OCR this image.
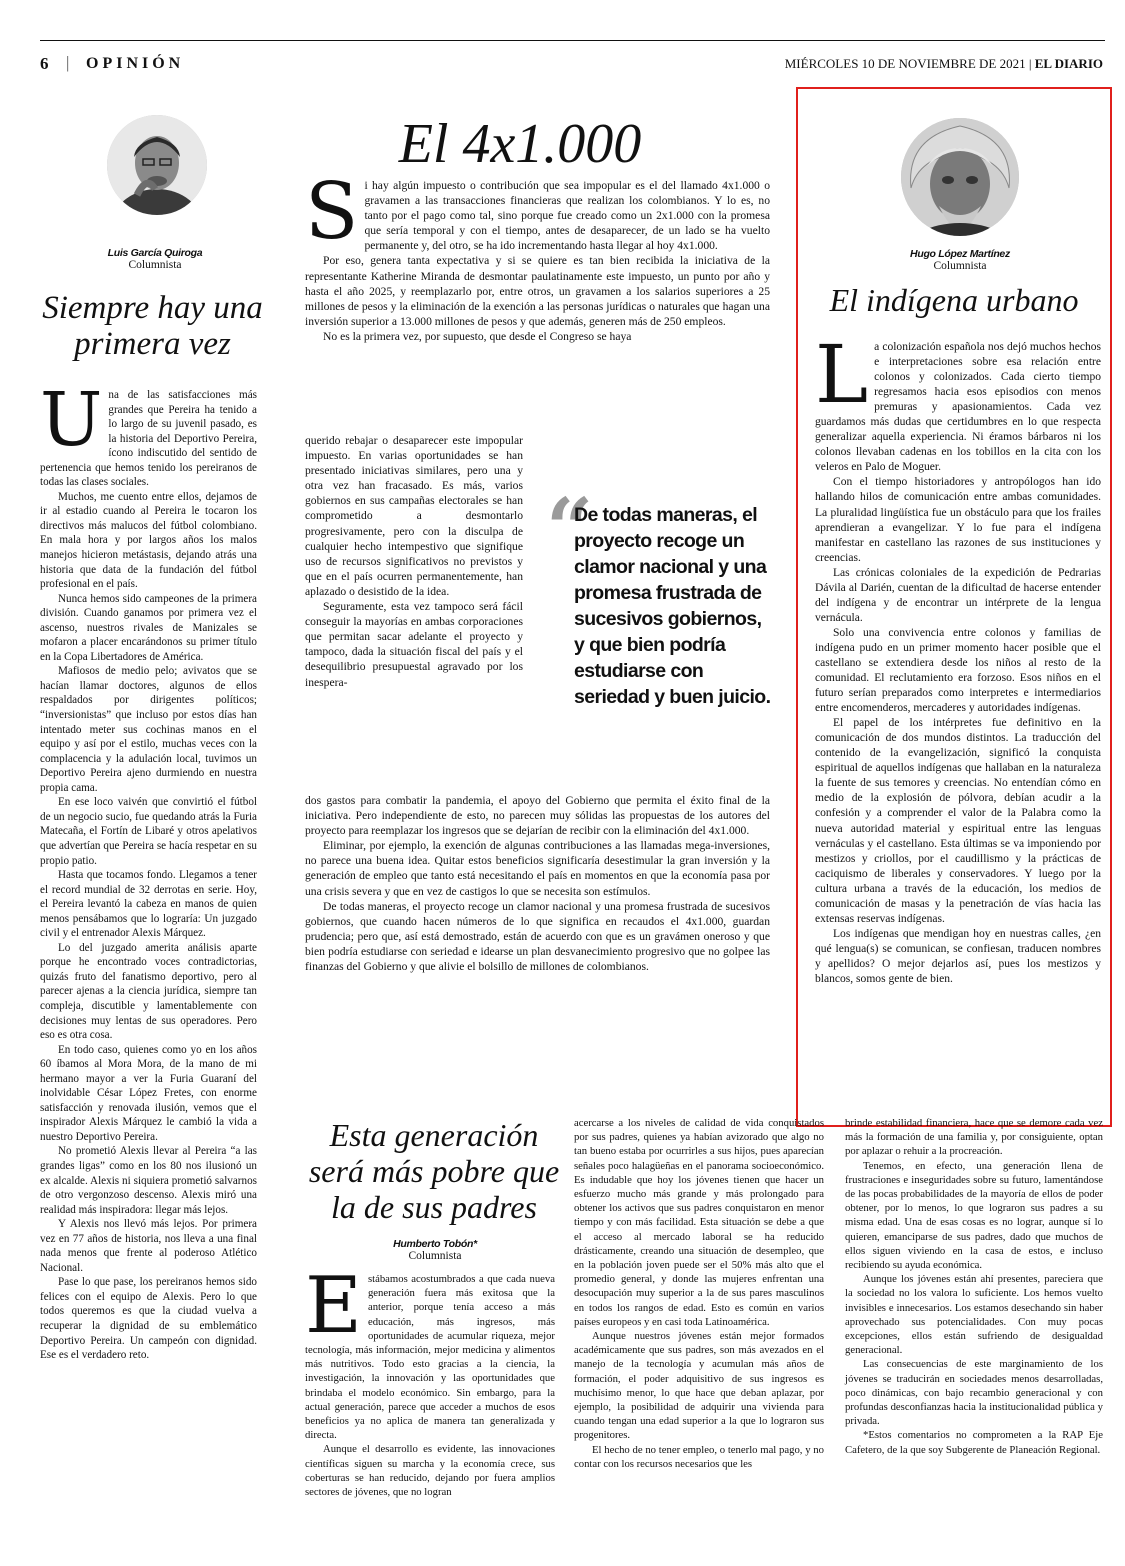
6 | OPINIÓN	MIÉRCOLES 10 DE NOVIEMBRE DE 2021 | EL DIARIO
Luis García Quiroga
Columnista
Siempre hay una primera vez

Una de las satisfacciones más grandes que Pereira ha tenido a lo largo de su juvenil pasado, es la historia del Deportivo Pereira, ícono indiscutido del sentido de pertenencia que hemos tenido los pereiranos de todas las clases sociales.

Muchos, me cuento entre ellos, dejamos de ir al estadio cuando al Pereira le tocaron los directivos más malucos del fútbol colombiano. En mala hora y por largos años los malos manejos hicieron metástasis, dejando atrás una historia que data de la fundación del fútbol profesional en el país.

Nunca hemos sido campeones de la primera división. Cuando ganamos por primera vez el ascenso, nuestros rivales de Manizales se mofaron a placer encarándonos su primer título en la Copa Libertadores de América.

Mafiosos de medio pelo; avivatos que se hacían llamar doctores, algunos de ellos respaldados por dirigentes políticos; “inversionistas” que incluso por estos días han intentado meter sus cochinas manos en el equipo y así por el estilo, muchas veces con la complacencia y la adulación local, tuvimos un Deportivo Pereira ajeno durmiendo en nuestra propia cama.

En ese loco vaivén que convirtió el fútbol de un negocio sucio, fue quedando atrás la Furia Matecaña, el Fortín de Libaré y otros apelativos que advertían que Pereira se hacía respetar en su propio patio.

Hasta que tocamos fondo. Llegamos a tener el record mundial de 32 derrotas en serie. Hoy, el Pereira levantó la cabeza en manos de quien menos pensábamos que lo lograría: Un juzgado civil y el entrenador Alexis Márquez.

Lo del juzgado amerita análisis aparte porque he encontrado voces contradictorias, quizás fruto del fanatismo deportivo, pero al parecer ajenas a la ciencia jurídica, siempre tan compleja, discutible y lamentablemente con decisiones muy lentas de sus operadores. Pero eso es otra cosa.

En todo caso, quienes como yo en los años 60 íbamos al Mora Mora, de la mano de mi hermano mayor a ver la Furia Guaraní del inolvidable César López Fretes, con enorme satisfacción y renovada ilusión, vemos que el inspirador Alexis Márquez le cambió la vida a nuestro Deportivo Pereira.

No prometió Alexis llevar al Pereira “a las grandes ligas” como en los 80 nos ilusionó un ex alcalde. Alexis ni siquiera prometió salvarnos de otro vergonzoso descenso. Alexis miró una realidad más inspiradora: llegar más lejos.

Y Alexis nos llevó más lejos. Por primera vez en 77 años de historia, nos lleva a una final nada menos que frente al poderoso Atlético Nacional.

Pase lo que pase, los pereiranos hemos sido felices con el equipo de Alexis. Pero lo que todos queremos es que la ciudad vuelva a recuperar la dignidad de su emblemático Deportivo Pereira. Un campeón con dignidad. Ese es el verdadero reto.

El 4x1.000

Si hay algún impuesto o contribución que sea impopular es el del llamado 4x1.000 o gravamen a las transacciones financieras que realizan los colombianos. Y lo es, no tanto por el pago como tal, sino porque fue creado como un 2x1.000 con la promesa que sería temporal y con el tiempo, antes de desaparecer, de un lado se ha vuelto permanente y, del otro, se ha ido incrementando hasta llegar al hoy 4x1.000.

Por eso, genera tanta expectativa y si se quiere es tan bien recibida la iniciativa de la representante Katherine Miranda de desmontar paulatinamente este impuesto, un punto por año y hasta el año 2025, y reemplazarlo por, entre otros, un gravamen a los salarios superiores a 25 millones de pesos y la eliminación de la exención a las personas jurídicas o naturales que hagan una inversión superior a 13.000 millones de pesos y que además, generen más de 250 empleos.

No es la primera vez, por supuesto, que desde el Congreso se haya

querido rebajar o desaparecer este impopular impuesto. En varias oportunidades se han presentado iniciativas similares, pero una y otra vez han fracasado. Es más, varios gobiernos en sus campañas electorales se han comprometido a desmontarlo progresivamente, pero con la disculpa de cualquier hecho intempestivo que signifique uso de recursos significativos no previstos y que en el país ocurren permanentemente, han aplazado o desistido de la idea.

Seguramente, esta vez tampoco será fácil conseguir la mayorías en ambas corporaciones que permitan sacar adelante el proyecto y tampoco, dada la situación fiscal del país y el desequilibrio presupuestal agravado por los inespera-

“
De todas maneras, el proyecto recoge un clamor nacional y una promesa frustrada de sucesivos gobiernos, y que bien podría estudiarse con seriedad y buen juicio.

dos gastos para combatir la pandemia, el apoyo del Gobierno que permita el éxito final de la iniciativa. Pero independiente de esto, no parecen muy sólidas las propuestas de los autores del proyecto para reemplazar los ingresos que se dejarían de recibir con la eliminación del 4x1.000.

Eliminar, por ejemplo, la exención de algunas contribuciones a las llamadas mega-inversiones, no parece una buena idea. Quitar estos beneficios significaría desestimular la gran inversión y la generación de empleo que tanto está necesitando el país en momentos en que la economía pasa por una crisis severa y que en vez de castigos lo que se necesita son estímulos.

De todas maneras, el proyecto recoge un clamor nacional y una promesa frustrada de sucesivos gobiernos, que cuando hacen números de lo que significa en recaudos el 4x1.000, guardan prudencia; pero que, así está demostrado, están de acuerdo con que es un gravámen oneroso y que bien podría estudiarse con seriedad e idearse un plan desvanecimiento progresivo que no golpee las finanzas del Gobierno y que alivie el bolsillo de millones de colombianos.

Hugo López Martínez
Columnista
El indígena urbano

La colonización española nos dejó muchos hechos e interpretaciones sobre esa relación entre colonos y colonizados. Cada cierto tiempo regresamos hacia esos episodios con menos premuras y apasionamientos. Cada vez guardamos más dudas que certidumbres en lo que respecta generalizar aquella experiencia. Ni éramos bárbaros ni los colonos llevaban cadenas en los tobillos en la cita con los veleros en Palo de Moguer.

Con el tiempo historiadores y antropólogos han ido hallando hilos de comunicación entre ambas comunidades. La pluralidad lingüística fue un obstáculo para que los frailes aprendieran a evangelizar. Y lo fue para el indígena manifestar en castellano las razones de sus instituciones y creencias.

Las crónicas coloniales de la expedición de Pedrarias Dávila al Darién, cuentan de la dificultad de hacerse entender del indígena y de encontrar un intérprete de la lengua vernácula.

Solo una convivencia entre colonos y familias de indígena pudo en un primer momento hacer posible que el castellano se extendiera desde los niños al resto de la comunidad. El reclutamiento era forzoso. Esos niños en el futuro serían preparados como interpretes e intermediarios entre encomenderos, mercaderes y autoridades indígenas.

El papel de los intérpretes fue definitivo en la comunicación de dos mundos distintos. La traducción del contenido de la evangelización, significó la conquista espiritual de aquellos indígenas que hallaban en la naturaleza la fuente de sus temores y creencias. No entendían cómo en medio de la explosión de pólvora, debían acudir a la confesión y a comprender el valor de la Palabra como la nueva autoridad material y espiritual entre las lenguas vernáculas y el castellano. Esta últimas se va imponiendo por mestizos y criollos, por el caudillismo y la prácticas de caciquismo de liberales y conservadores. Y luego por la cultura urbana a través de la educación, los medios de comunicación de masas y la penetración de vías hacia las extensas reservas indígenas.

Los indígenas que mendigan hoy en nuestras calles, ¿en qué lengua(s) se comunican, se confiesan, traducen nombres y apellidos? O mejor dejarlos así, pues los mestizos y blancos, somos gente de bien.

Esta generación será más pobre que la de sus padres
Humberto Tobón*
Columnista

Estábamos acostumbrados a que cada nueva generación fuera más exitosa que la anterior, porque tenía acceso a más educación, más ingresos, más oportunidades de acumular riqueza, mejor tecnología, más información, mejor medicina y alimentos más nutritivos. Todo esto gracias a la ciencia, la investigación, la innovación y las oportunidades que brindaba el modelo económico. Sin embargo, para la actual generación, parece que acceder a muchos de esos beneficios ya no aplica de manera tan generalizada y directa.

Aunque el desarrollo es evidente, las innovaciones científicas siguen su marcha y la economía crece, sus coberturas se han reducido, dejando por fuera amplios sectores de jóvenes, que no logran

acercarse a los niveles de calidad de vida conquistados por sus padres, quienes ya habían avizorado que algo no tan bueno estaba por ocurrirles a sus hijos, pues aparecían señales poco halagüeñas en el panorama socioeconómico. Es indudable que hoy los jóvenes tienen que hacer un esfuerzo mucho más grande y más prolongado para obtener los activos que sus padres conquistaron en menor tiempo y con más facilidad. Esta situación se debe a que el acceso al mercado laboral se ha reducido drásticamente, creando una situación de desempleo, que en la población joven puede ser el 50% más alto que el promedio general, y donde las mujeres enfrentan una desocupación muy superior a la de sus pares masculinos en todos los rangos de edad. Esto es común en varios países europeos y en casi toda Latinoamérica.

Aunque nuestros jóvenes están mejor formados académicamente que sus padres, son más avezados en el manejo de la tecnología y acumulan más años de formación, el poder adquisitivo de sus ingresos es muchísimo menor, lo que hace que deban aplazar, por ejemplo, la posibilidad de adquirir una vivienda para cuando tengan una edad superior a la que lo lograron sus progenitores.

El hecho de no tener empleo, o tenerlo mal pago, y no contar con los recursos necesarios que les

brinde estabilidad financiera, hace que se demore cada vez más la formación de una familia y, por consiguiente, optan por aplazar o rehuir a la procreación.

Tenemos, en efecto, una generación llena de frustraciones e inseguridades sobre su futuro, lamentándose de las pocas probabilidades de la mayoría de ellos de poder obtener, por lo menos, lo que lograron sus padres a su misma edad. Una de esas cosas es no lograr, aunque sí lo quieren, emanciparse de sus padres, dado que muchos de ellos siguen viviendo en la casa de estos, e incluso recibiendo su ayuda económica.

Aunque los jóvenes están ahí presentes, pareciera que la sociedad no los valora lo suficiente. Los hemos vuelto invisibles e innecesarios. Los estamos desechando sin haber aprovechado sus potencialidades. Con muy pocas excepciones, ellos están sufriendo de desigualdad generacional.

Las consecuencias de este marginamiento de los jóvenes se traducirán en sociedades menos desarrolladas, poco dinámicas, con bajo recambio generacional y con profundas desconfianzas hacia la institucionalidad pública y privada.

*Estos comentarios no comprometen a la RAP Eje Cafetero, de la que soy Subgerente de Planeación Regional.
